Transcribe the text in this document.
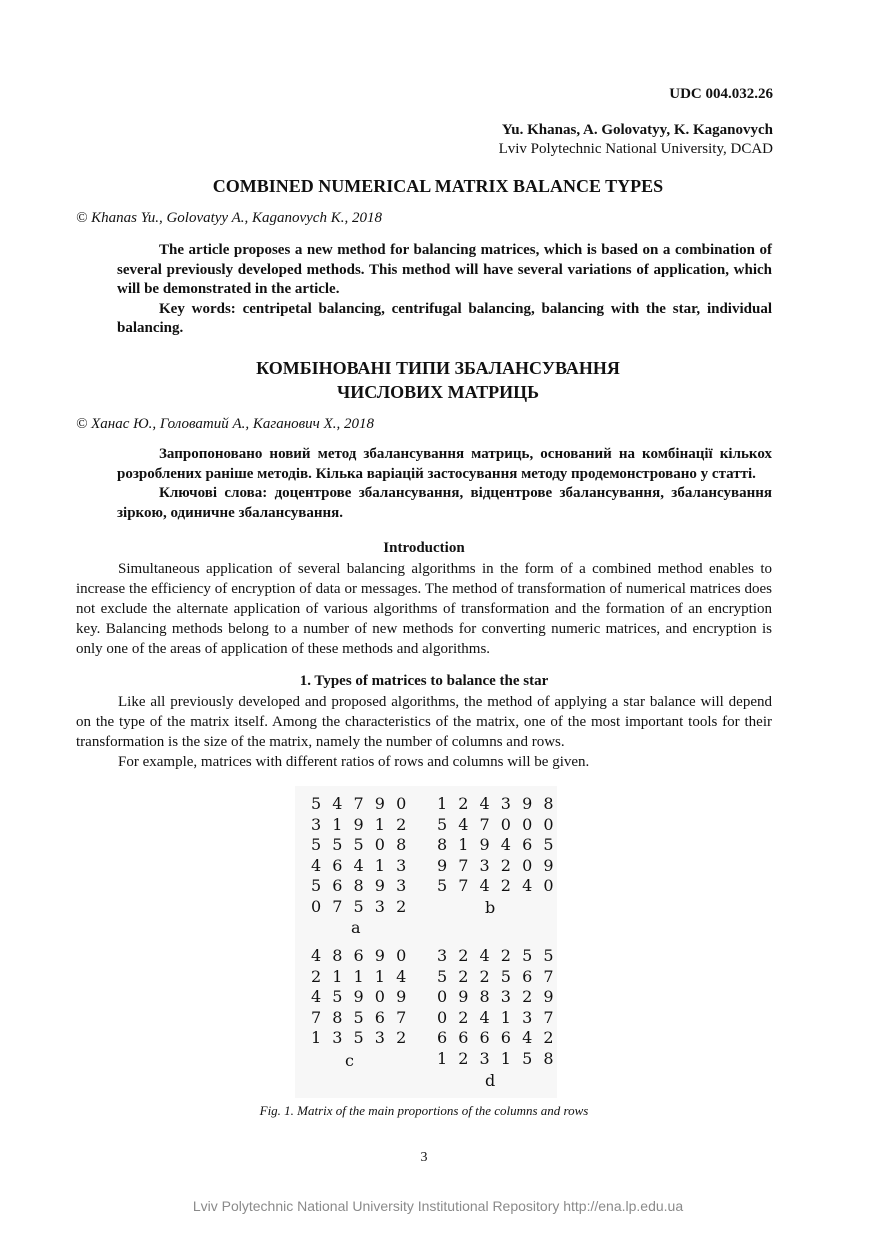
UDC 004.032.26
Yu. Khanas, A. Golovatyy, K. Kaganovych
Lviv Polytechnic National University, DCAD
COMBINED NUMERICAL MATRIX BALANCE TYPES
© Khanas Yu., Golovatyy A., Kaganovych K., 2018

The article proposes a new method for balancing matrices, which is based on a combination of several previously developed methods. This method will have several variations of application, which will be demonstrated in the article.

Key words: centripetal balancing, centrifugal balancing, balancing with the star, individual balancing.

КОМБІНОВАНІ ТИПИ ЗБАЛАНСУВАННЯ
ЧИСЛОВИХ МАТРИЦЬ
© Ханас Ю., Головатий А., Каганович Х., 2018

Запропоновано новий метод збалансування матриць, оснований на комбінації кількох розроблених раніше методів. Кілька варіацій застосування методу продемонстровано у статті.

Ключові слова: доцентрове збалансування, відцентрове збалансування, збалансування зіркою, одиничне збалансування.

Introduction

Simultaneous application of several balancing algorithms in the form of a combined method enables to increase the efficiency of encryption of data or messages. The method of transformation of numerical matrices does not exclude the alternate application of various algorithms of transformation and the formation of an encryption key. Balancing methods belong to a number of new methods for converting numeric matrices, and encryption is only one of the areas of application of these methods and algorithms.

1. Types of matrices to balance the star

Like all previously developed and proposed algorithms, the method of applying a star balance will depend on the type of the matrix itself. Among the characteristics of the matrix, one of the most important tools for their transformation is the size of the matrix, namely the number of columns and rows.

For example, matrices with different ratios of rows and columns will be given.

5 4 7 9 0
3 1 9 1 2
5 5 5 0 8
4 6 4 1 3
5 6 8 9 3
0 7 5 3 2
a
1 2 4 3 9 8
5 4 7 0 0 0
8 1 9 4 6 5
9 7 3 2 0 9
5 7 4 2 4 0
b
4 8 6 9 0
2 1 1 1 4
4 5 9 0 9
7 8 5 6 7
1 3 5 3 2
c
3 2 4 2 5 5
5 2 2 5 6 7
0 9 8 3 2 9
0 2 4 1 3 7
6 6 6 6 4 2
1 2 3 1 5 8
d
Fig. 1. Matrix of the main proportions of the columns and rows
3
Lviv Polytechnic National University Institutional Repository http://ena.lp.edu.ua
